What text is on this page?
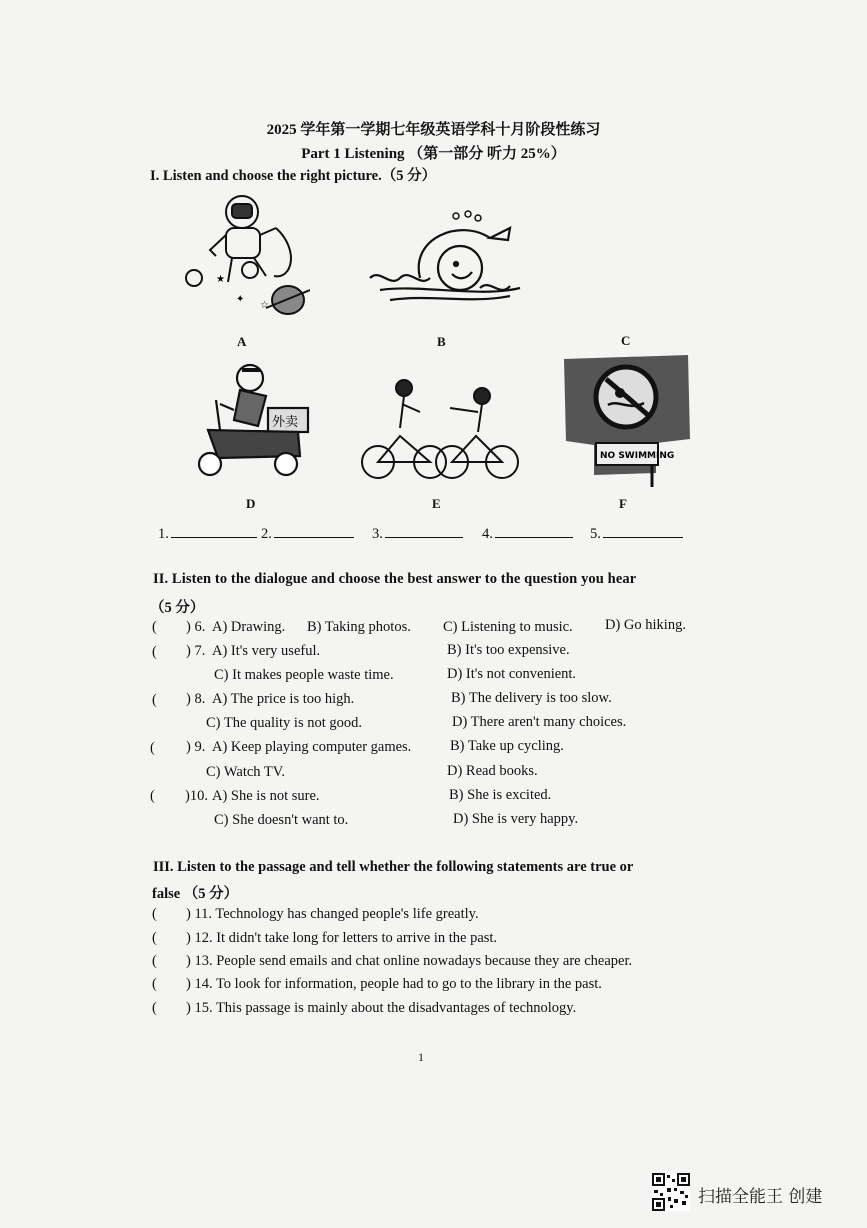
2025 学年第一学期七年级英语学科十月阶段性练习
Part 1 Listening （第一部分 听力 25%）
I. Listen and choose the right picture.（5 分）
★
✦
☆
A	B	C
外卖
D	E
NO SWIMMING
F
1.	2.	3.	4.	5.
II. Listen to the dialogue and choose the best answer to the question you hear
（5 分）
( ) 6. A) Drawing. B) Taking photos. C) Listening to music. D) Go hiking.
( ) 7. A) It's very useful.	B) It's too expensive.
C) It makes people waste time.	D) It's not convenient.
( ) 8. A) The price is too high.	B) The delivery is too slow.
C) The quality is not good.	D) There aren't many choices.
( ) 9. A) Keep playing computer games.	B) Take up cycling.
C) Watch TV.	D) Read books.
( )10. A) She is not sure.	B) She is excited.
C) She doesn't want to.	D) She is very happy.
III. Listen to the passage and tell whether the following statements are true or
false （5 分）
( ) 11. Technology has changed people's life greatly.
( ) 12. It didn't take long for letters to arrive in the past.
( ) 13. People send emails and chat online nowadays because they are cheaper.
( ) 14. To look for information, people had to go to the library in the past.
( ) 15. This passage is mainly about the disadvantages of technology.
1
扫描全能王 创建
